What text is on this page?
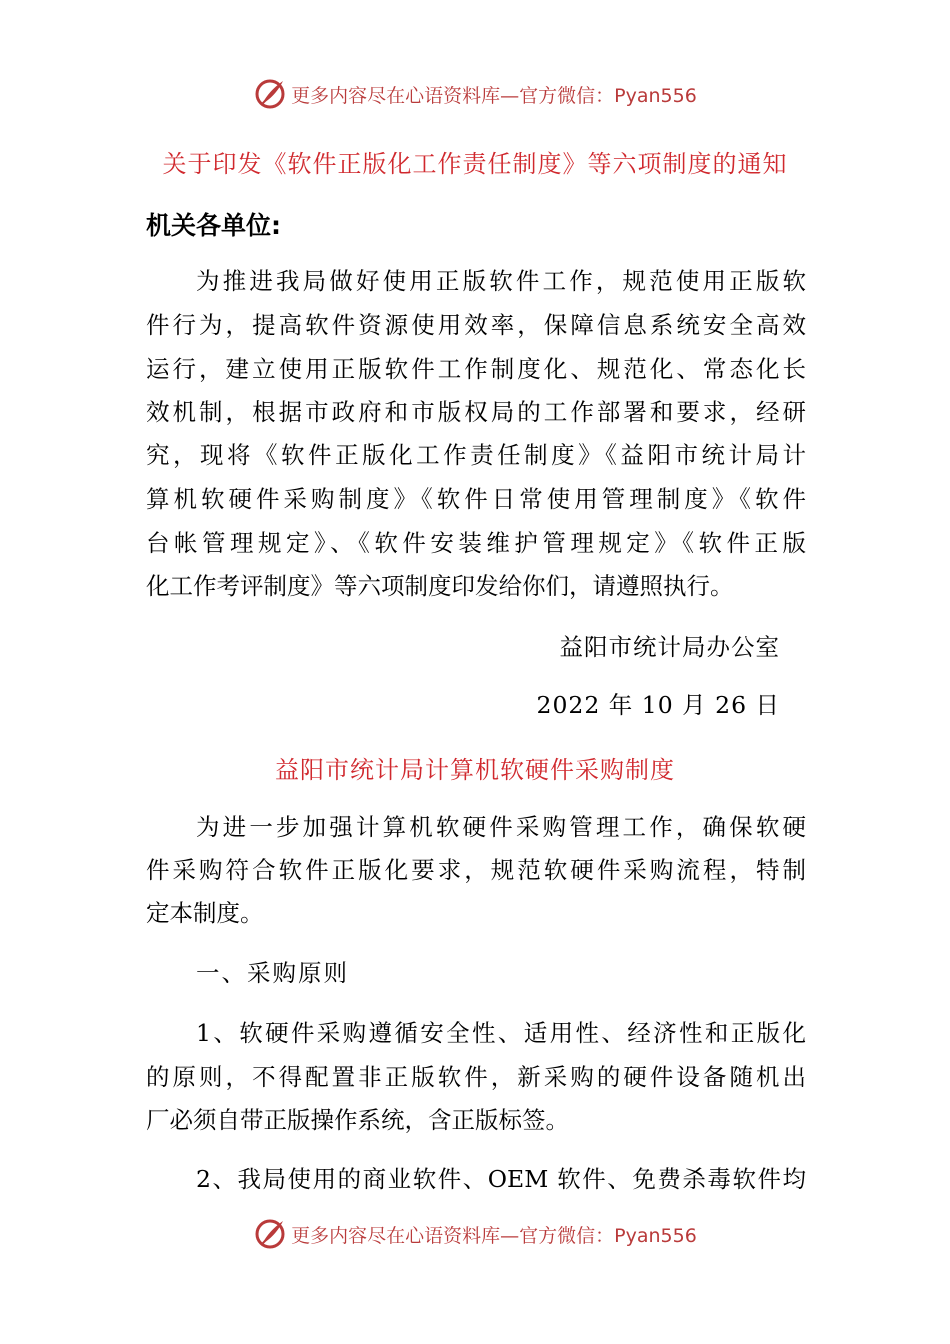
更多内容尽在心语资料库—官方微信：Pyan556
关于印发《软件正版化工作责任制度》等六项制度的通知
机关各单位:
为推进我局做好使用正版软件工作，规范使用正版软
件行为，提高软件资源使用效率，保障信息系统安全高效
运行，建立使用正版软件工作制度化、规范化、常态化长
效机制，根据市政府和市版权局的工作部署和要求，经研
究，现将《软件正版化工作责任制度》《益阳市统计局计
算机软硬件采购制度》《软件日常使用管理制度》《软件
台帐管理规定》、《软件安装维护管理规定》《软件正版
化工作考评制度》等六项制度印发给你们，请遵照执行。
益阳市统计局办公室
2022 年 10 月 26 日
益阳市统计局计算机软硬件采购制度
为进一步加强计算机软硬件采购管理工作，确保软硬
件采购符合软件正版化要求，规范软硬件采购流程，特制
定本制度。
一、采购原则
1、软硬件采购遵循安全性、适用性、经济性和正版化
的原则，不得配置非正版软件，新采购的硬件设备随机出
厂必须自带正版操作系统，含正版标签。
2、我局使用的商业软件、OEM 软件、免费杀毒软件均
更多内容尽在心语资料库—官方微信：Pyan556
